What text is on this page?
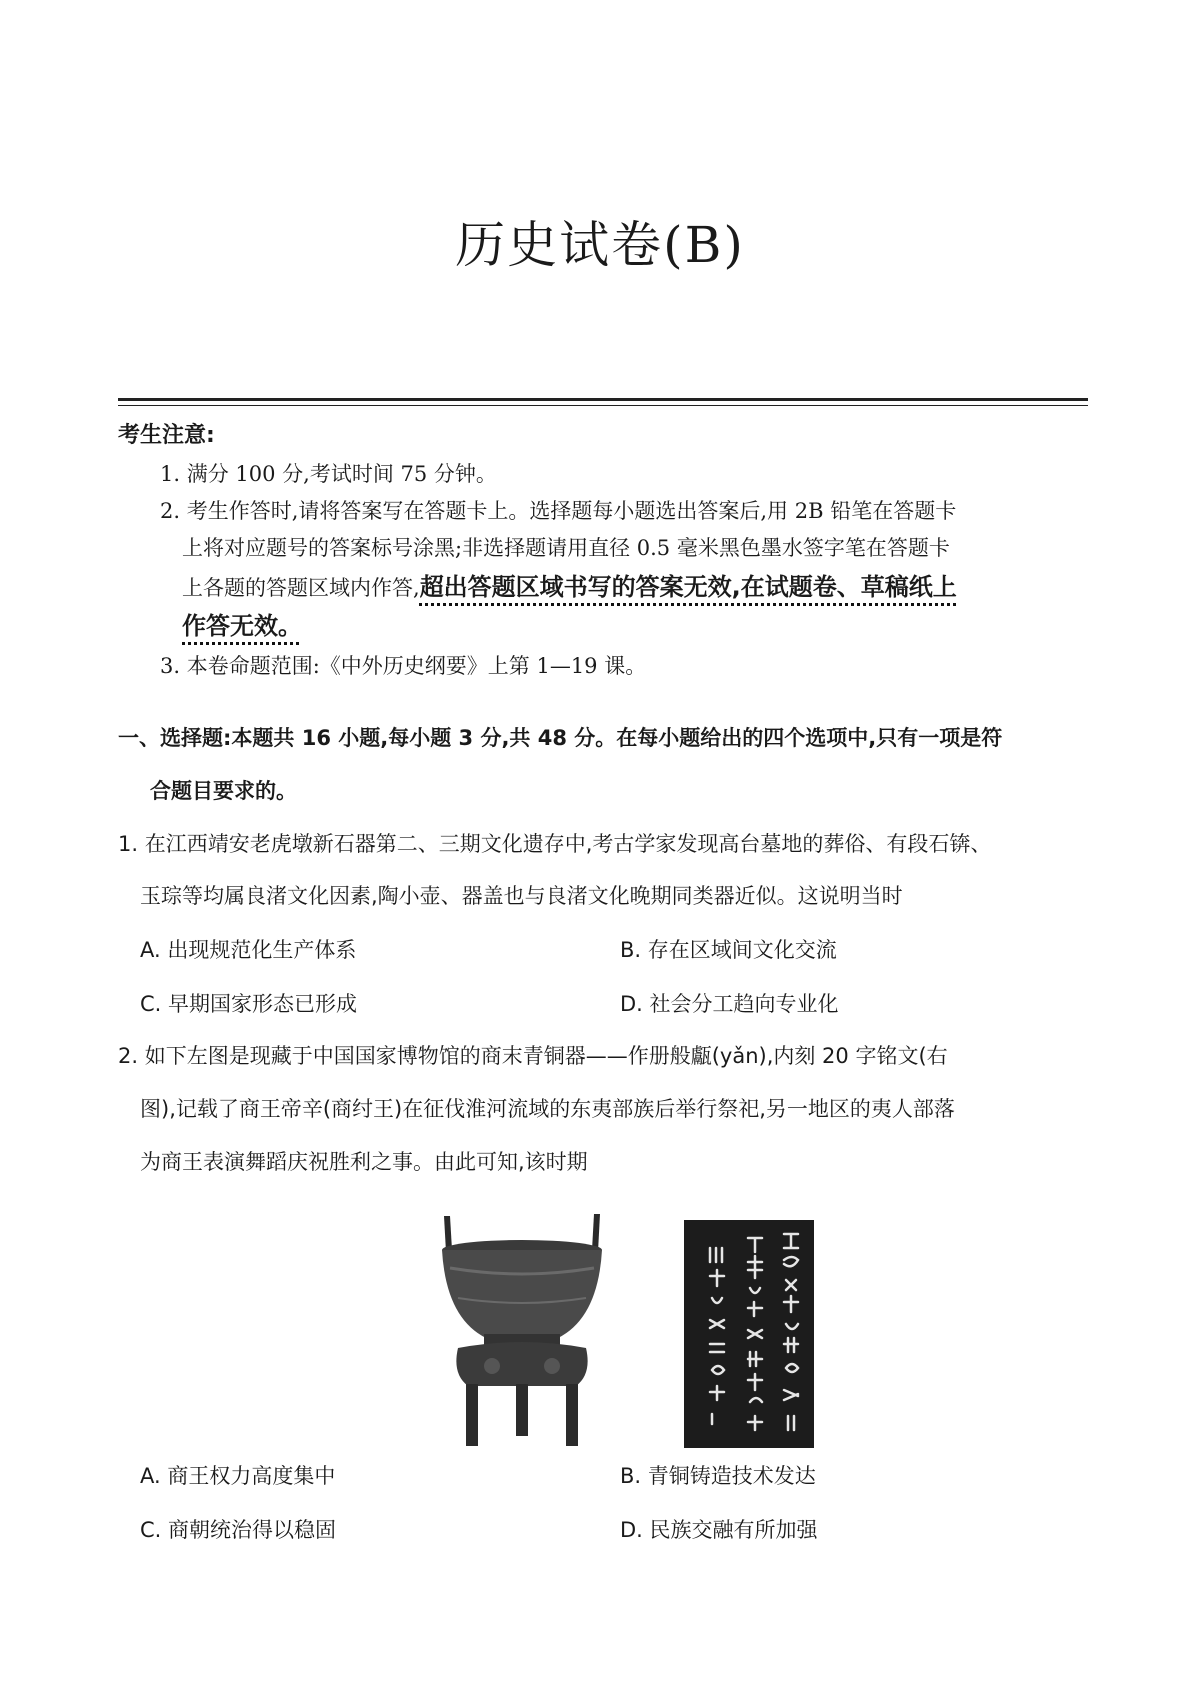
历史试卷(B)
考生注意:
1. 满分 100 分,考试时间 75 分钟。
2. 考生作答时,请将答案写在答题卡上。选择题每小题选出答案后,用 2B 铅笔在答题卡
上将对应题号的答案标号涂黑;非选择题请用直径 0.5 毫米黑色墨水签字笔在答题卡
上各题的答题区域内作答,超出答题区域书写的答案无效,在试题卷、草稿纸上
作答无效。
3. 本卷命题范围:《中外历史纲要》上第 1—19 课。
一、选择题:本题共 16 小题,每小题 3 分,共 48 分。在每小题给出的四个选项中,只有一项是符
合题目要求的。
1. 在江西靖安老虎墩新石器第二、三期文化遗存中,考古学家发现高台墓地的葬俗、有段石锛、
玉琮等均属良渚文化因素,陶小壶、器盖也与良渚文化晚期同类器近似。这说明当时
A. 出现规范化生产体系	B. 存在区域间文化交流
C. 早期国家形态已形成	D. 社会分工趋向专业化
2. 如下左图是现藏于中国国家博物馆的商末青铜器——作册般甗(yǎn),内刻 20 字铭文(右
图),记载了商王帝辛(商纣王)在征伐淮河流域的东夷部族后举行祭祀,另一地区的夷人部落
为商王表演舞蹈庆祝胜利之事。由此可知,该时期
A. 商王权力高度集中	B. 青铜铸造技术发达
C. 商朝统治得以稳固	D. 民族交融有所加强
